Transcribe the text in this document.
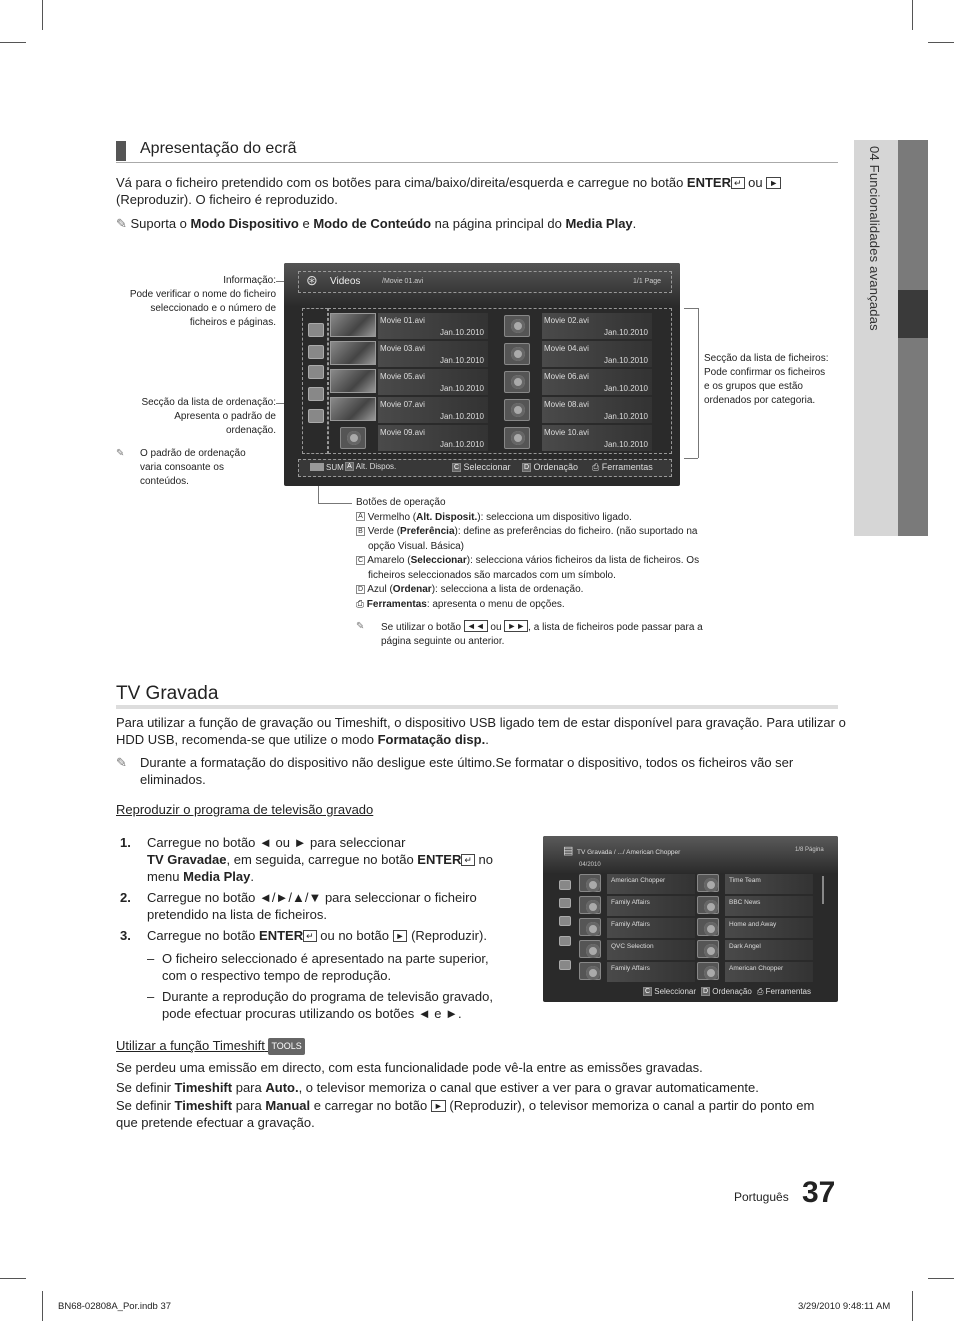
04 Funcionalidades avançadas
Apresentação do ecrã
Vá para o ficheiro pretendido com os botões para cima/baixo/direita/esquerda e carregue no botão ENTER ↵ ou ►
(Reproduzir). O ficheiro é reproduzido.
✎ Suporta o Modo Dispositivo e Modo de Conteúdo na página principal do Media Play.
Informação:
Pode verificar o nome do ficheiro
seleccionado e o número de
ficheiros e páginas.
Secção da lista de ordenação:
Apresenta o padrão de
ordenação.
✎	O padrão de ordenação
varia consoante os
conteúdos.
Secção da lista de ficheiros:
Pode confirmar os ficheiros
e os grupos que estão
ordenados por categoria.
⊛ Videos	/Movie 01.avi	1/1 Page
Movie 01.avi
Jan.10.2010
Movie 02.avi
Jan.10.2010
Movie 03.avi
Jan.10.2010
Movie 04.avi
Jan.10.2010
Movie 05.avi
Jan.10.2010
Movie 06.avi
Jan.10.2010
Movie 07.avi
Jan.10.2010
Movie 08.avi
Jan.10.2010
Movie 09.avi
Jan.10.2010
Movie 10.avi
Jan.10.2010
SUM A Alt. Dispos.	C Seleccionar D Ordenação ⎙ Ferramentas
Botões de operação
A Vermelho (Alt. Disposit.): selecciona um dispositivo ligado.
B Verde (Preferência): define as preferências do ficheiro. (não suportado na
opção Visual. Básica)
C Amarelo (Seleccionar): selecciona vários ficheiros da lista de ficheiros. Os
ficheiros seleccionados são marcados com um símbolo.
D Azul (Ordenar): selecciona a lista de ordenação.
⎙ Ferramentas: apresenta o menu de opções.
✎	Se utilizar o botão ◄◄ ou ►► , a lista de ficheiros pode passar para a
página seguinte ou anterior.
TV Gravada
Para utilizar a função de gravação ou Timeshift, o dispositivo USB ligado tem de estar disponível para gravação. Para utilizar o
HDD USB, recomenda-se que utilize o modo Formatação disp..
✎	Durante a formatação do dispositivo não desligue este último.Se formatar o dispositivo, todos os ficheiros vão ser
eliminados.
Reproduzir o programa de televisão gravado
1. Carregue no botão ◄ ou ► para seleccionar
TV Gravadae, em seguida, carregue no botão ENTER ↵ no
menu Media Play.
2. Carregue no botão ◄/►/▲/▼ para seleccionar o ficheiro
pretendido na lista de ficheiros.
3. Carregue no botão ENTER ↵ ou no botão ► (Reproduzir).
– O ficheiro seleccionado é apresentado na parte superior,
com o respectivo tempo de reprodução.
– Durante a reprodução do programa de televisão gravado,
pode efectuar procuras utilizando os botões ◄ e ►.
▤ TV Gravada / .../ American Chopper	1/8 Página
04/2010
American Chopper	Time Team
Family Affairs	BBC News
Family Affairs	Home and Away
QVC Selection	Dark Angel
Family Affairs	American Chopper
C Seleccionar D Ordenação ⎙ Ferramentas
Utilizar a função Timeshift TOOLS
Se perdeu uma emissão em directo, com esta funcionalidade pode vê-la entre as emissões gravadas.
Se definir Timeshift para Auto., o televisor memoriza o canal que estiver a ver para o gravar automaticamente.
Se definir Timeshift para Manual e carregar no botão ► (Reproduzir), o televisor memoriza o canal a partir do ponto em
que pretende efectuar a gravação.
Português 37
BN68-02808A_Por.indb 37	3/29/2010 9:48:11 AM
